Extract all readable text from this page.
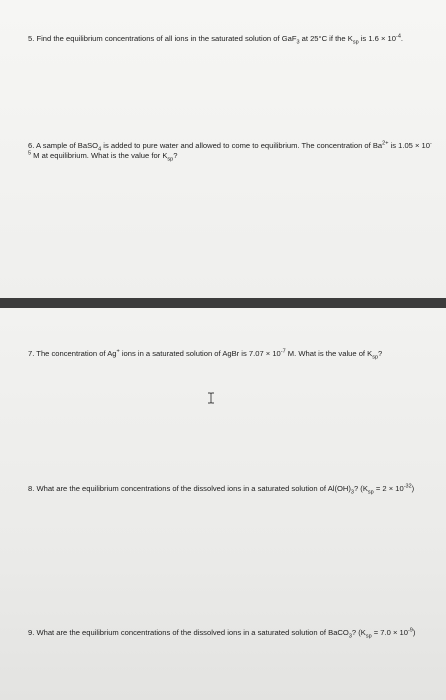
5. Find the equilibrium concentrations of all ions in the saturated solution of GaF$_3$ at 25°C if the $K_{sp}$ is $1.6 \times 10^{-4}$.
6. A sample of BaSO$_4$ is added to pure water and allowed to come to equilibrium. The concentration of $Ba^{2+}$ is $1.05 \times 10^{-5}$ M at equilibrium. What is the value for $K_{sp}$?
7. The concentration of Ag+ ions in a saturated solution of AgBr is $7.07 \times 10^{-7}$ M. What is the value of $K_{sp}$?
8. What are the equilibrium concentrations of the dissolved ions in a saturated solution of $Al(OH)_3$? $(K_{sp} = 2 \times 10^{-32})$
9. What are the equilibrium concentrations of the dissolved ions in a saturated solution of BaCO$_3$? $(K_{sp} = 7.0 \times 10^{-9})$
